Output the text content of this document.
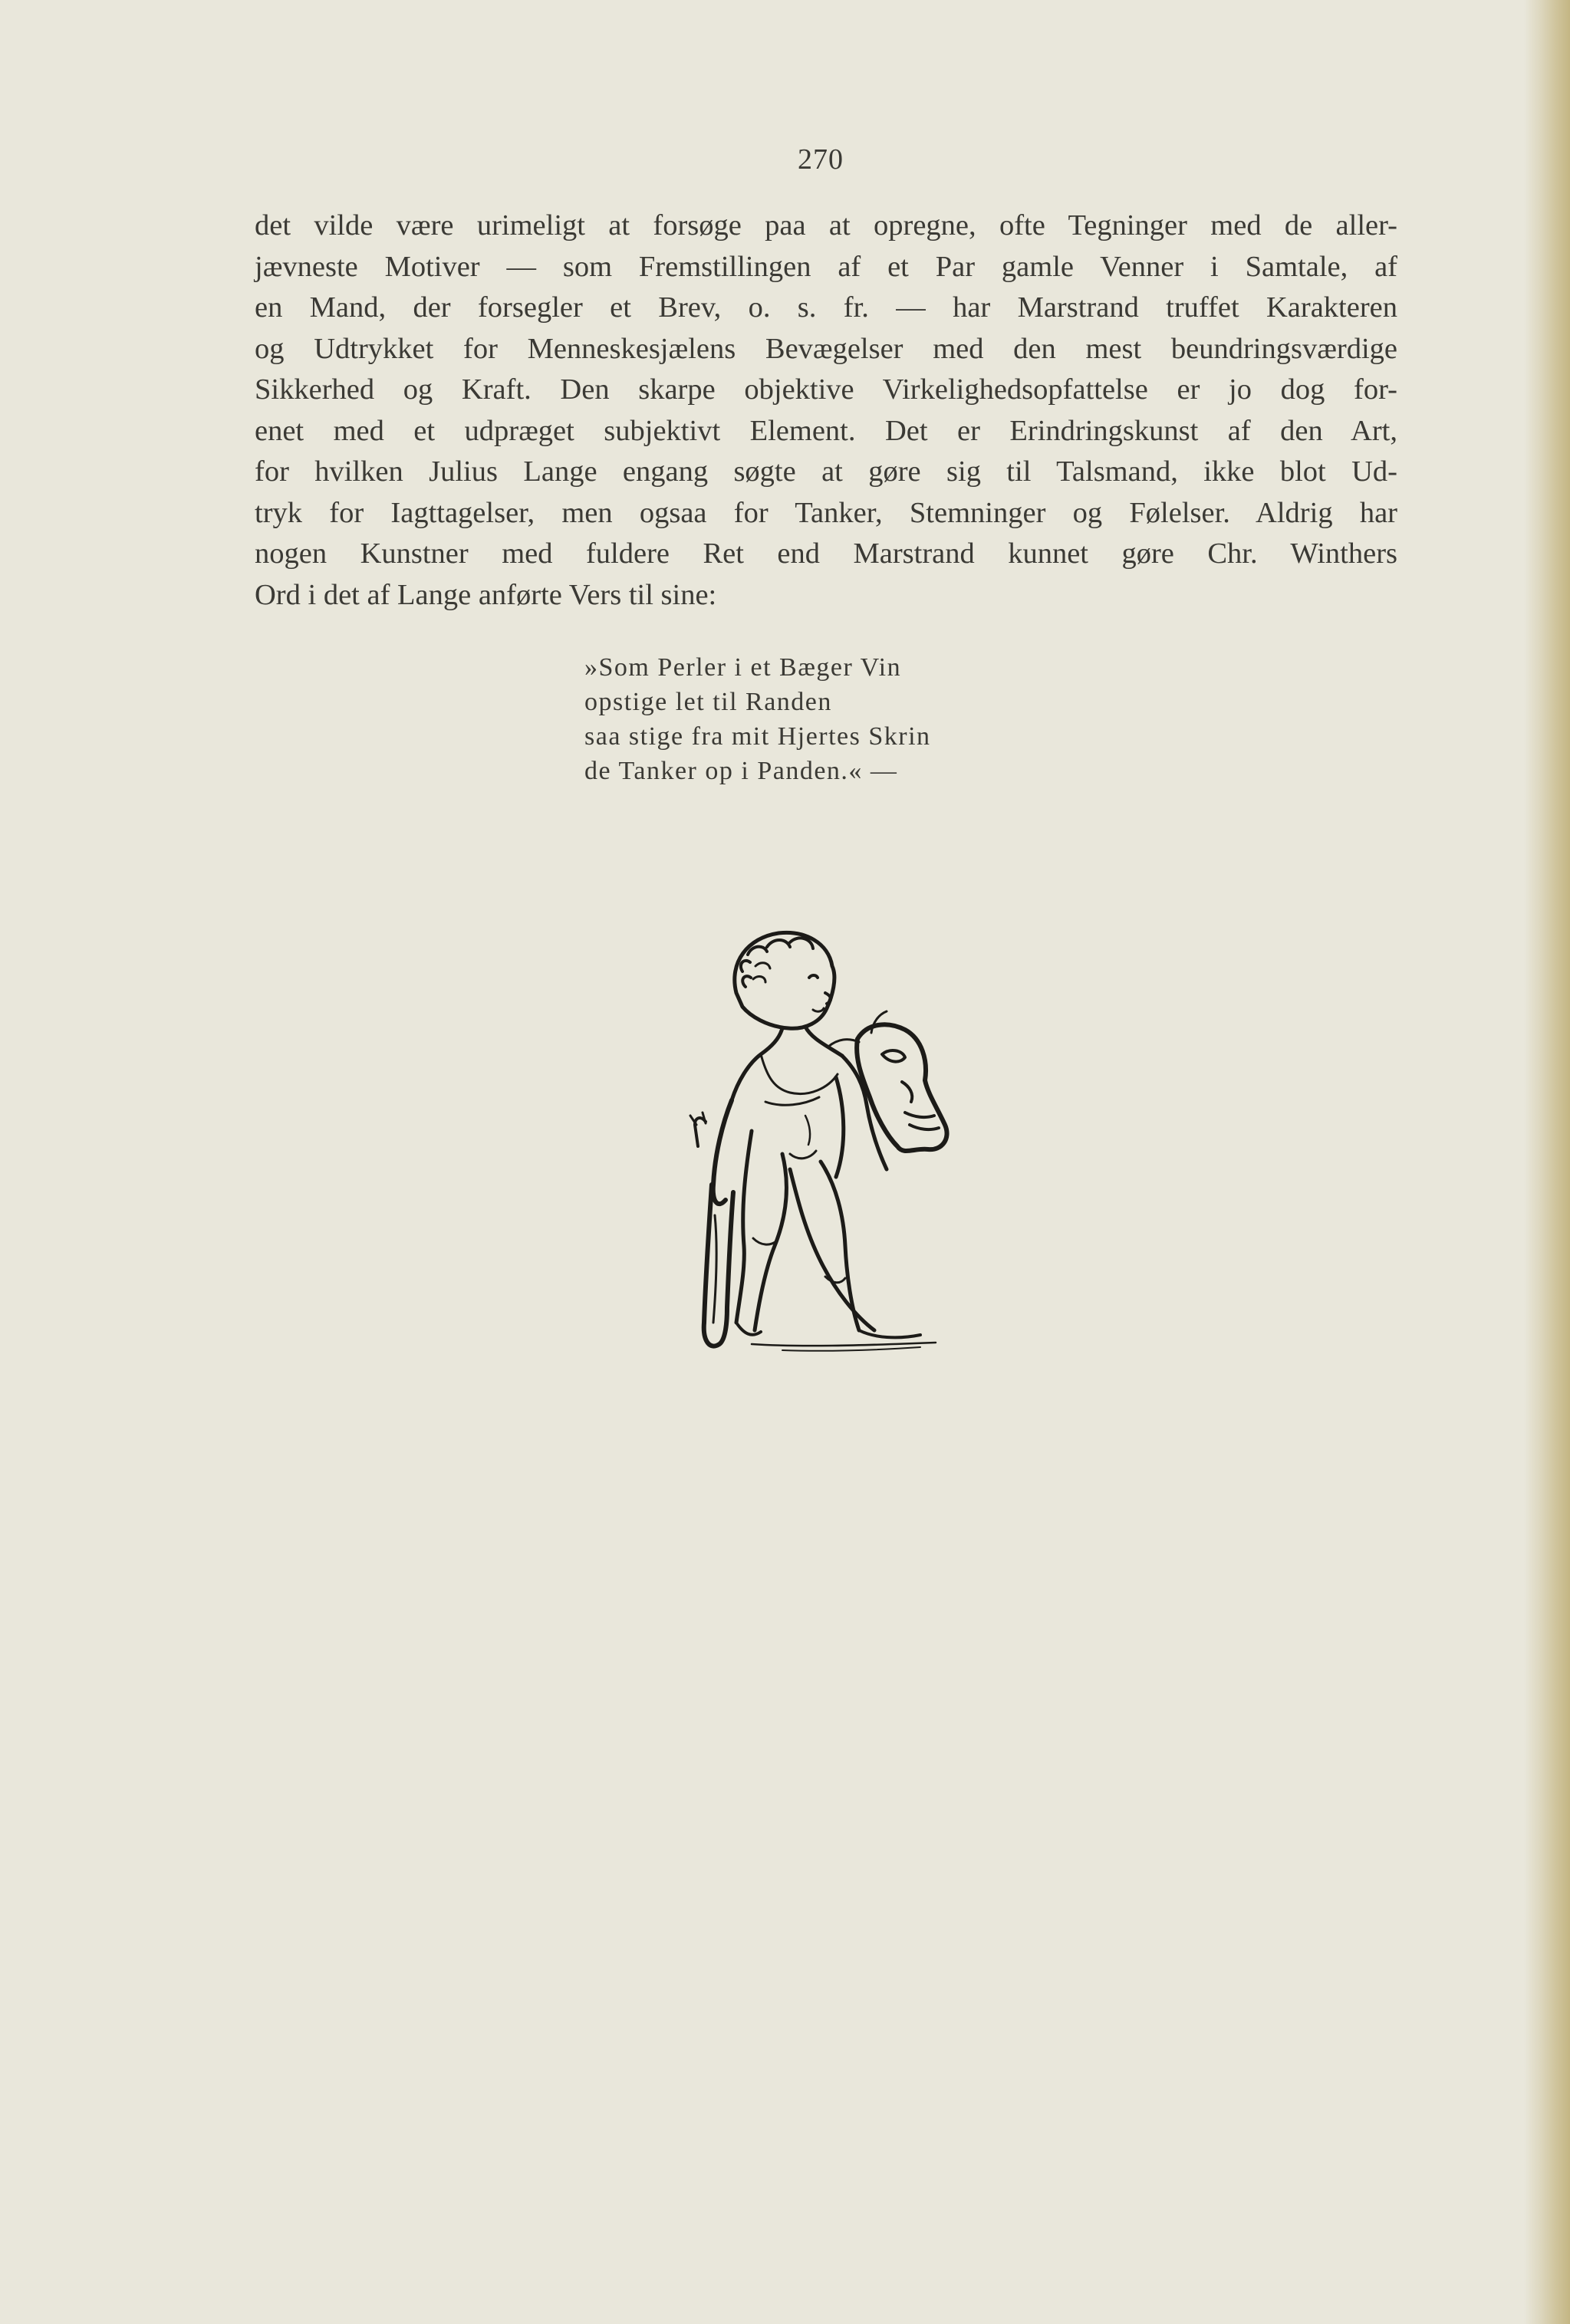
270
det vilde være urimeligt at forsøge paa at opregne, ofte Tegninger med de aller-
jævneste Motiver — som Fremstillingen af et Par gamle Venner i Samtale, af
en Mand, der forsegler et Brev, o. s. fr. — har Marstrand truffet Karakteren
og Udtrykket for Menneskesjælens Bevægelser med den mest beundringsværdige
Sikkerhed og Kraft. Den skarpe objektive Virkelighedsopfattelse er jo dog for-
enet med et udpræget subjektivt Element. Det er Erindringskunst af den Art,
for hvilken Julius Lange engang søgte at gøre sig til Talsmand, ikke blot Ud-
tryk for Iagttagelser, men ogsaa for Tanker, Stemninger og Følelser. Aldrig har
nogen Kunstner med fuldere Ret end Marstrand kunnet gøre Chr. Winthers
Ord i det af Lange anførte Vers til sine:
»Som Perler i et Bæger Vin
opstige let til Randen
saa stige fra mit Hjertes Skrin
de Tanker op i Panden.« —
